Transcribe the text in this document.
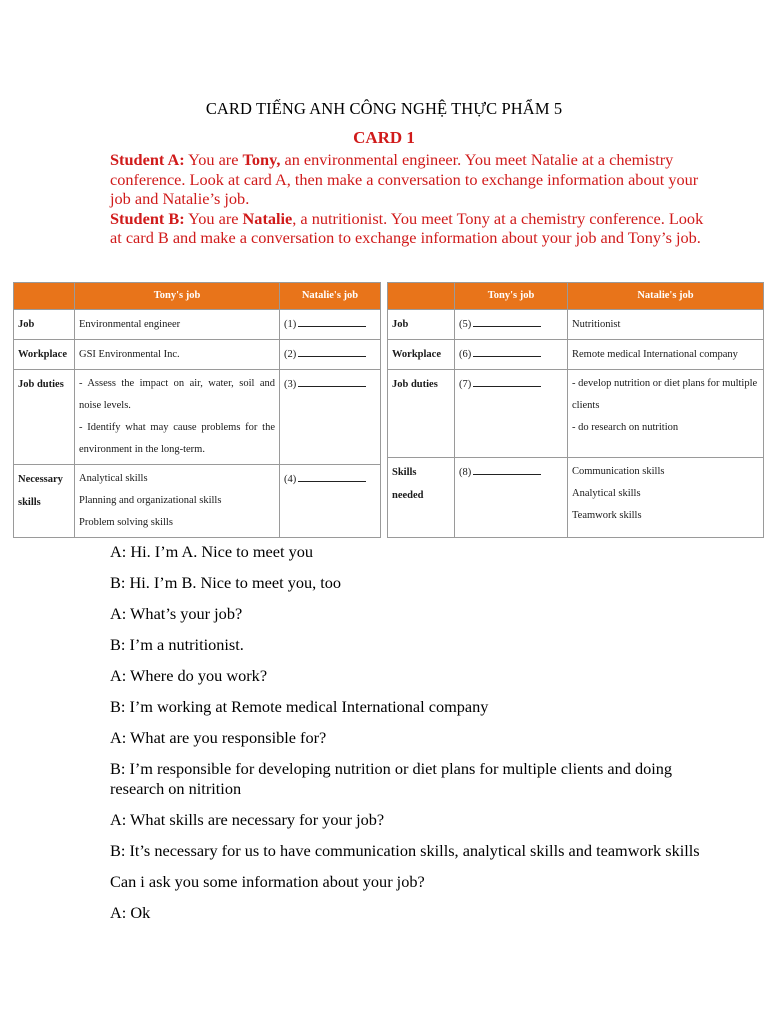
CARD TIẾNG ANH CÔNG NGHỆ THỰC PHẨM 5
CARD 1

Student A: You are Tony, an environmental engineer. You meet Natalie at a chemistry conference. Look at card A, then make a conversation to exchange information about your job and Natalie’s job.

Student B: You are Natalie, a nutritionist. You meet Tony at a chemistry conference. Look at card B and make a conversation to exchange information about your job and Tony’s job.

	Tony's job	Natalie's job
Job	Environmental engineer	(1)
Workplace	GSI Environmental Inc.	(2)
Job duties	- Assess the impact on air, water, soil and noise levels.
- Identify what may cause problems for the environment in the long-term.	(3)
Necessary skills	Analytical skills
Planning and organizational skills
Problem solving skills	(4)
	Tony's job	Natalie's job
Job	(5)	Nutritionist
Workplace	(6)	Remote medical International company
Job duties	(7)	- develop nutrition or diet plans for multiple clients
- do research on nutrition

Skills needed	(8)	Communication skills
Analytical skills
Teamwork skills

A: Hi. I’m A. Nice to meet you

B: Hi. I’m B. Nice to meet you, too

A: What’s your job?

B: I’m a nutritionist.

A: Where do you work?

B: I’m working at Remote medical International company

A: What are you responsible for?

B: I’m responsible for developing nutrition or diet plans for multiple clients and doing research on nitrition

A: What skills are necessary for your job?

B: It’s necessary for us to have communication skills, analytical skills and teamwork skills

Can i ask you some information about your job?

A: Ok
